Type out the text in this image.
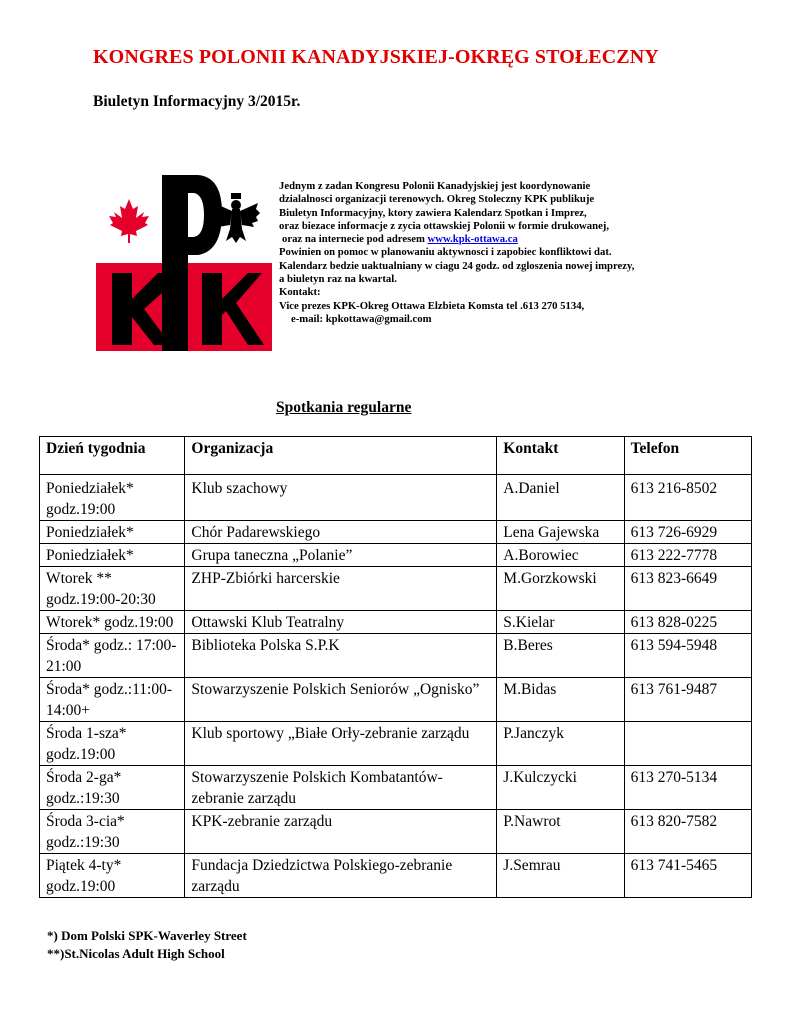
KONGRES POLONII KANADYJSKIEJ-OKRĘG STOŁECZNY
Biuletyn Informacyjny 3/2015r.
Jednym z zadan Kongresu Polonii Kanadyjskiej jest koordynowanie
dzialalnosci organizacji terenowych. Okreg Stoleczny KPK publikuje
Biuletyn Informacyjny, ktory zawiera Kalendarz Spotkan i Imprez,
oraz biezace informacje z zycia ottawskiej Polonii w formie drukowanej,
oraz na internecie pod adresem www.kpk-ottawa.ca
Powinien on pomoc w planowaniu aktywnosci i zapobiec konfliktowi dat.
Kalendarz bedzie uaktualniany w ciagu 24 godz. od zgloszenia nowej imprezy,
a biuletyn raz na kwartal.
Kontakt:
Vice prezes KPK-Okreg Ottawa Elzbieta Komsta tel .613 270 5134,
e-mail: kpkottawa@gmail.com
Spotkania regularne
Dzień tygodnia	Organizacja	Kontakt	Telefon
Poniedziałek* godz.19:00	Klub szachowy	A.Daniel	613 216-8502
Poniedziałek*	Chór Padarewskiego	Lena Gajewska	613 726-6929
Poniedziałek*	Grupa taneczna „Polanie”	A.Borowiec	613 222-7778
Wtorek ** godz.19:00-20:30	ZHP-Zbiórki harcerskie	M.Gorzkowski	613 823-6649
Wtorek* godz.19:00	Ottawski Klub Teatralny	S.Kielar	613 828-0225
Środa* godz.: 17:00-21:00	Biblioteka Polska S.P.K	B.Beres	613 594-5948
Środa* godz.:11:00-14:00+	Stowarzyszenie Polskich Seniorów „Ognisko”	M.Bidas	613 761-9487
Środa 1-sza* godz.19:00	Klub sportowy „Białe Orły-zebranie zarządu	P.Janczyk	
Środa 2-ga* godz.:19:30	Stowarzyszenie Polskich Kombatantów-zebranie zarządu	J.Kulczycki	613 270-5134
Środa 3-cia* godz.:19:30	KPK-zebranie zarządu	P.Nawrot	613 820-7582
Piątek 4-ty* godz.19:00	Fundacja Dziedzictwa Polskiego-zebranie zarządu	J.Semrau	613 741-5465
*) Dom Polski SPK-Waverley Street
**)St.Nicolas Adult High School
